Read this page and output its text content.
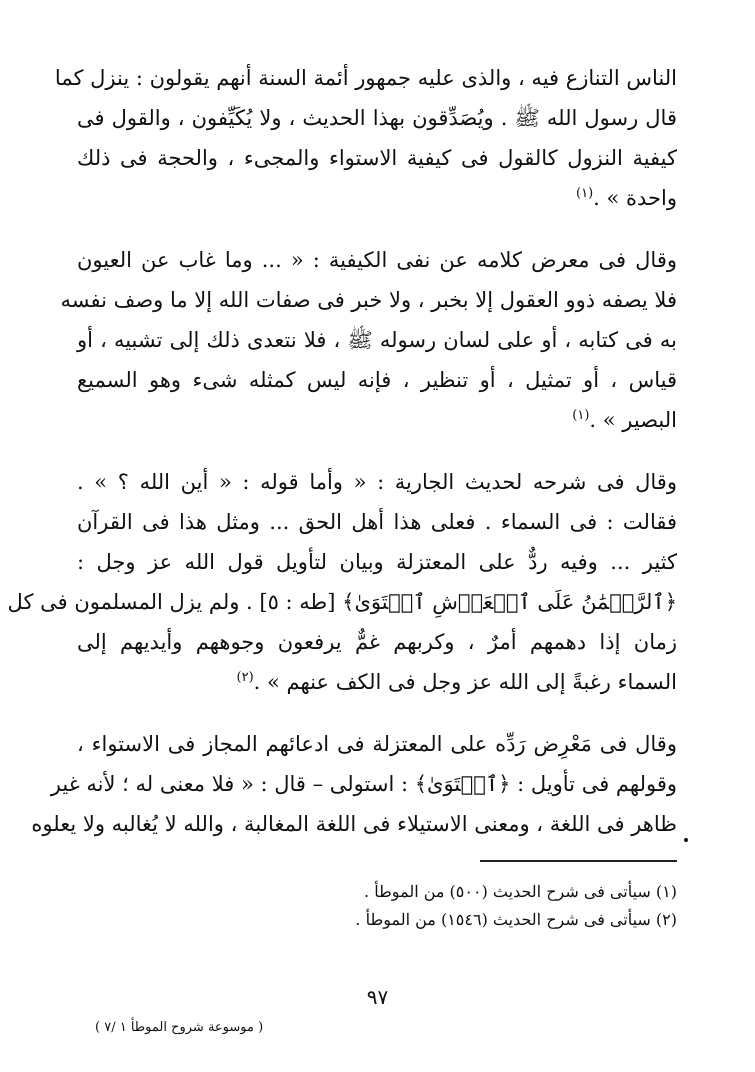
الناس التنازع فيه ، والذى عليه جمهور أئمة السنة أنهم يقولون : ينزل كما
قال رسول الله ﷺ . ويُصَدِّقون بهذا الحديث ، ولا يُكَيِّفون ، والقول فى
كيفية النزول كالقول فى كيفية الاستواء والمجىء ، والحجة فى ذلك
واحدة » .$^{(١)}$
وقال فى معرض كلامه عن نفى الكيفية : « ... وما غاب عن العيون
فلا يصفه ذوو العقول إلا بخبر ، ولا خبر فى صفات الله إلا ما وصف نفسه
به فى كتابه ، أو على لسان رسوله ﷺ ، فلا نتعدى ذلك إلى تشبيه ، أو
قياس ، أو تمثيل ، أو تنظير ، فإنه ليس كمثله شىء وهو السميع
البصير » .$^{(١)}$
وقال فى شرحه لحديث الجارية : « وأما قوله : « أين الله ؟ » .
فقالت : فى السماء . فعلى هذا أهل الحق ... ومثل هذا فى القرآن
كثير ... وفيه ردٌّ على المعتزلة وبيان لتأويل قول الله عز وجل :
﴿ٱلرَّحۡمَٰنُ عَلَى ٱلۡعَرۡشِ ٱسۡتَوَىٰ﴾ [طه : ٥] . ولم يزل المسلمون فى كل
زمان إذا دهمهم أمرٌ ، وكربهم غمٌّ يرفعون وجوههم وأيديهم إلى
السماء رغبةً إلى الله عز وجل فى الكف عنهم » .$^{(٢)}$
وقال فى مَعْرِض رَدِّه على المعتزلة فى ادعائهم المجاز فى الاستواء ،
وقولهم فى تأويل : ﴿ٱسۡتَوَىٰ﴾ : استولى – قال : « فلا معنى له ؛ لأنه غير
ظاهر فى اللغة ، ومعنى الاستيلاء فى اللغة المغالبة ، والله لا يُغالبه ولا يعلوه
(١) سيأتى فى شرح الحديث (٥٠٠) من الموطأ .
(٢) سيأتى فى شرح الحديث (١٥٤٦) من الموطأ .
٩٧
( موسوعة شروح الموطأ ١ /٧ )
